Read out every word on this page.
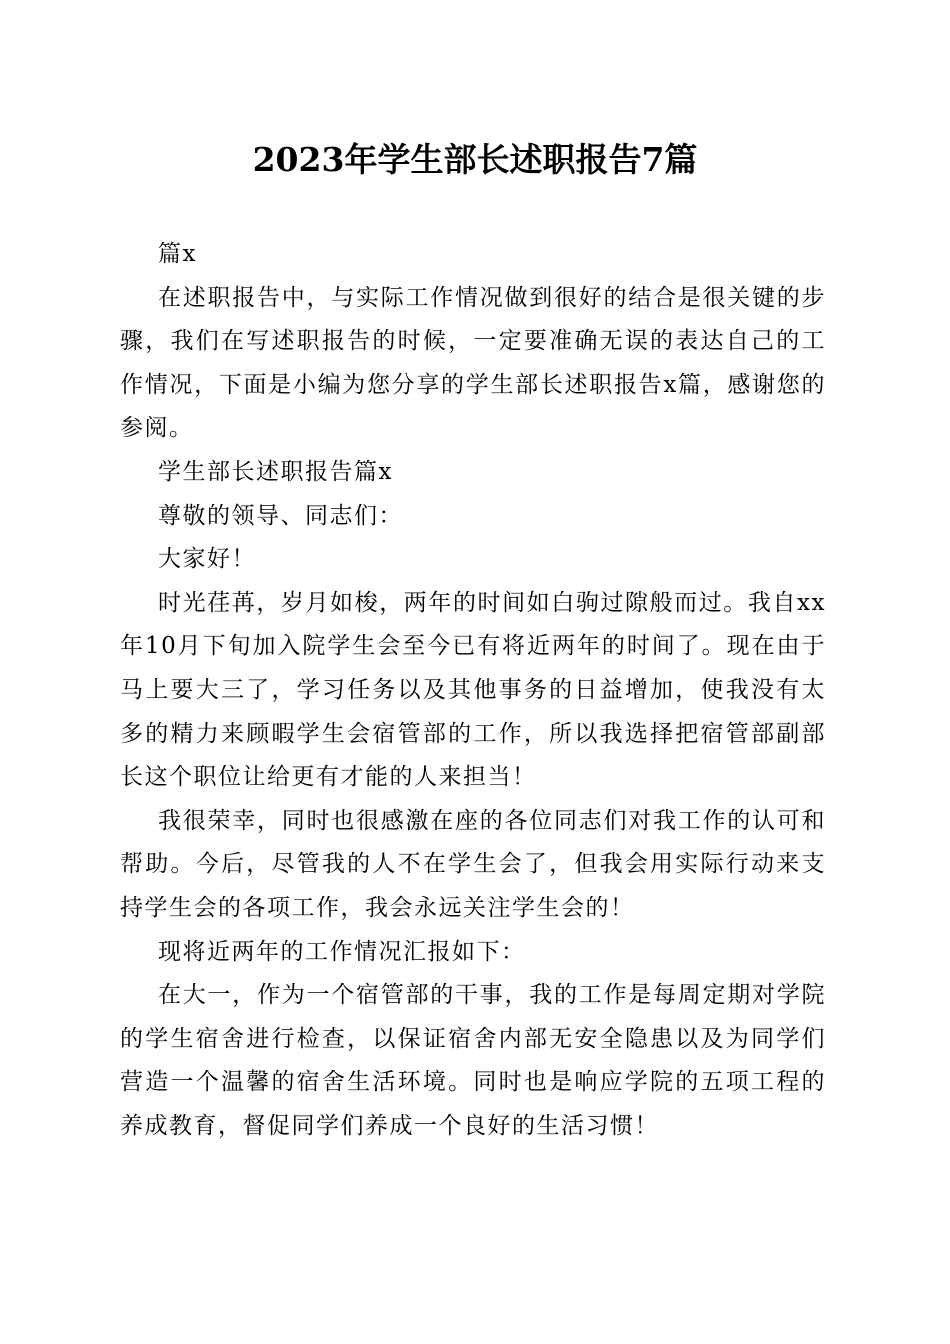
2023年学生部长述职报告7篇

篇x

在述职报告中，与实际工作情况做到很好的结合是很关键的步骤，我们在写述职报告的时候，一定要准确无误的表达自己的工作情况，下面是小编为您分享的学生部长述职报告x篇，感谢您的参阅。

学生部长述职报告篇x

尊敬的领导、同志们：

大家好！

时光荏苒，岁月如梭，两年的时间如白驹过隙般而过。我自xx年10月下旬加入院学生会至今已有将近两年的时间了。现在由于马上要大三了，学习任务以及其他事务的日益增加，使我没有太多的精力来顾暇学生会宿管部的工作，所以我选择把宿管部副部长这个职位让给更有才能的人来担当！

我很荣幸，同时也很感激在座的各位同志们对我工作的认可和帮助。今后，尽管我的人不在学生会了，但我会用实际行动来支持学生会的各项工作，我会永远关注学生会的！

现将近两年的工作情况汇报如下：

在大一，作为一个宿管部的干事，我的工作是每周定期对学院的学生宿舍进行检查，以保证宿舍内部无安全隐患以及为同学们营造一个温馨的宿舍生活环境。同时也是响应学院的五项工程的养成教育，督促同学们养成一个良好的生活习惯！
